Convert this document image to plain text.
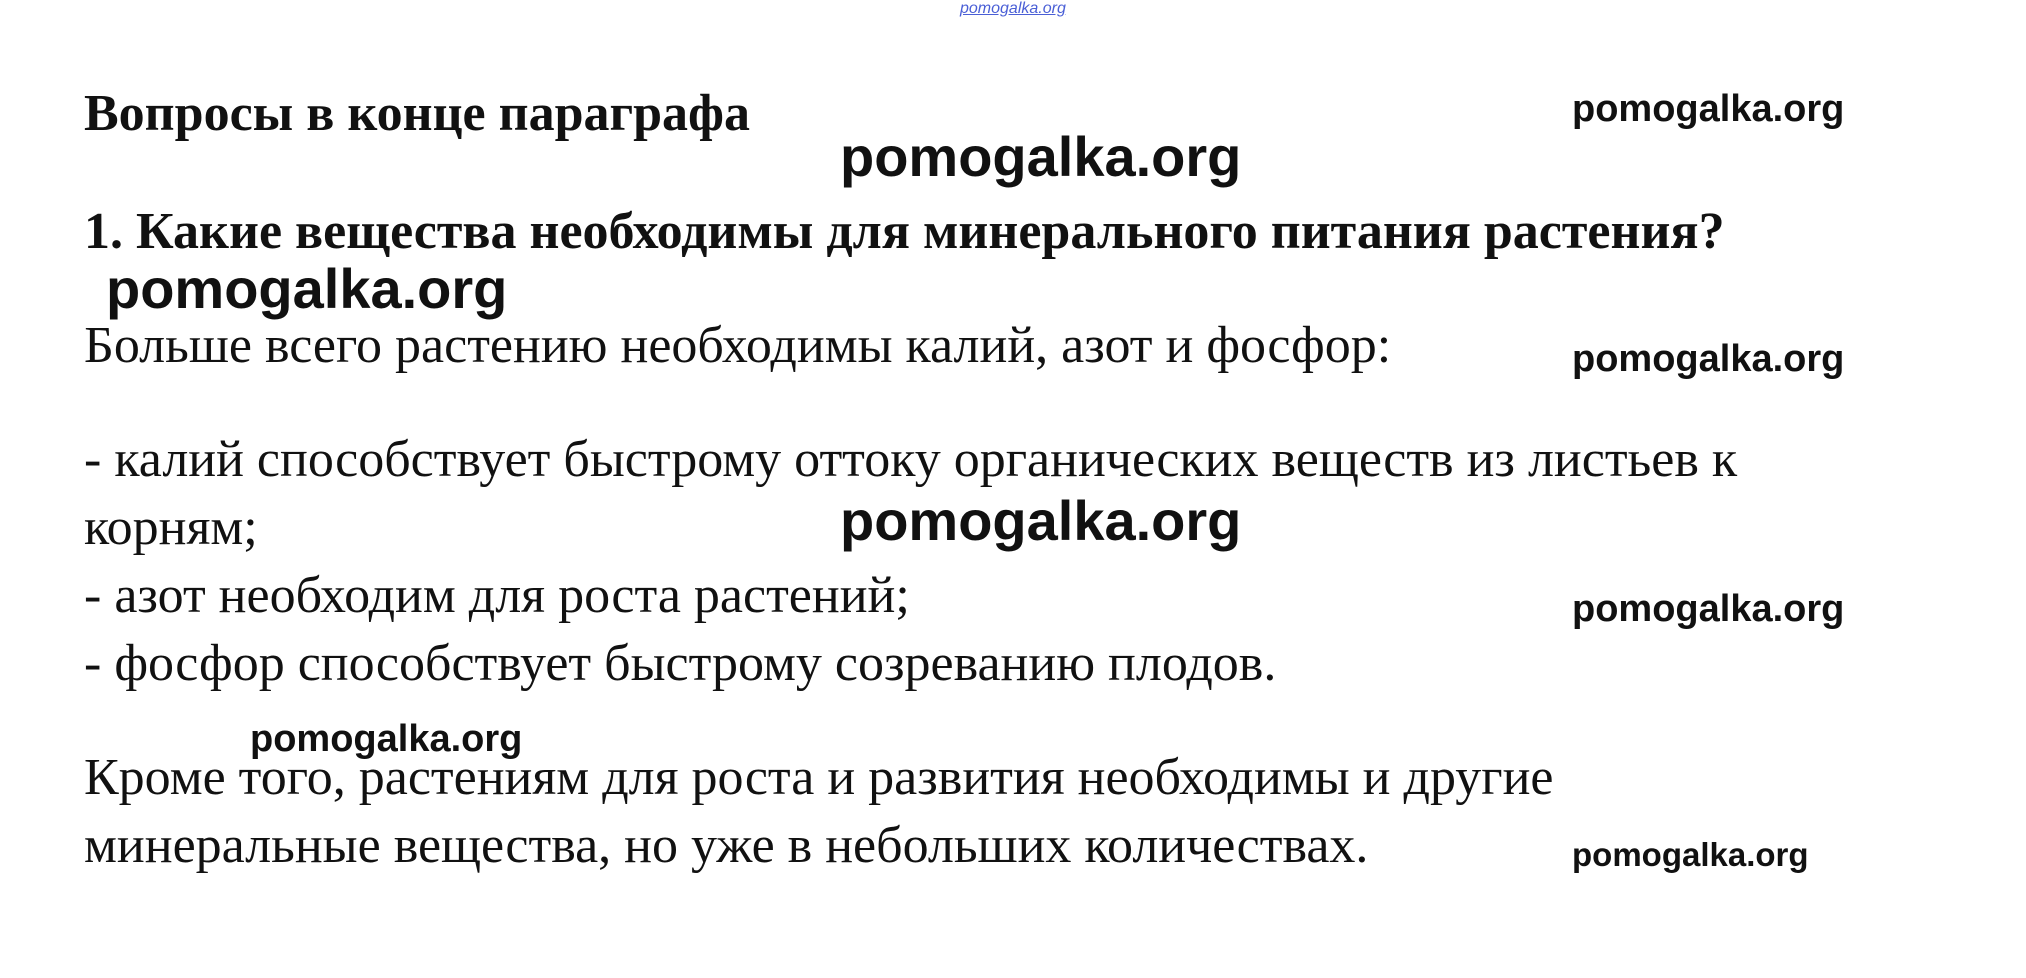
pomogalka.org
Вопросы в конце параграфа
1. Какие вещества необходимы для минерального питания растения?

Больше всего растению необходимы калий, азот и фосфор:

- калий способствует быстрому оттоку органических веществ из листьев к

корням;

- азот необходим для роста растений;

- фосфор способствует быстрому созреванию плодов.

Кроме того, растениям для роста и развития необходимы и другие

минеральные вещества, но уже в небольших количествах.

pomogalka.org
pomogalka.org
pomogalka.org
pomogalka.org
pomogalka.org
pomogalka.org
pomogalka.org
pomogalka.org
